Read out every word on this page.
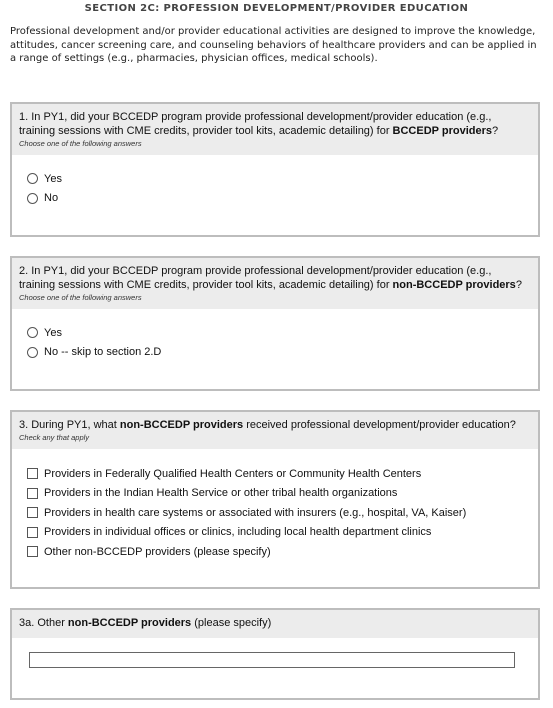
SECTION 2C: PROFESSION DEVELOPMENT/PROVIDER EDUCATION
Professional development and/or provider educational activities are designed to improve the knowledge, attitudes, cancer screening care, and counseling behaviors of healthcare providers and can be applied in a range of settings (e.g., pharmacies, physician offices, medical schools).
1. In PY1, did your BCCEDP program provide professional development/provider education (e.g., training sessions with CME credits, provider tool kits, academic detailing) for BCCEDP providers?
Choose one of the following answers
Yes
No
2. In PY1, did your BCCEDP program provide professional development/provider education (e.g., training sessions with CME credits, provider tool kits, academic detailing) for non-BCCEDP providers?
Choose one of the following answers
Yes
No -- skip to section 2.D
3. During PY1, what non-BCCEDP providers received professional development/provider education?
Check any that apply
Providers in Federally Qualified Health Centers or Community Health Centers
Providers in the Indian Health Service or other tribal health organizations
Providers in health care systems or associated with insurers (e.g., hospital, VA, Kaiser)
Providers in individual offices or clinics, including local health department clinics
Other non-BCCEDP providers (please specify)
3a. Other non-BCCEDP providers (please specify)
